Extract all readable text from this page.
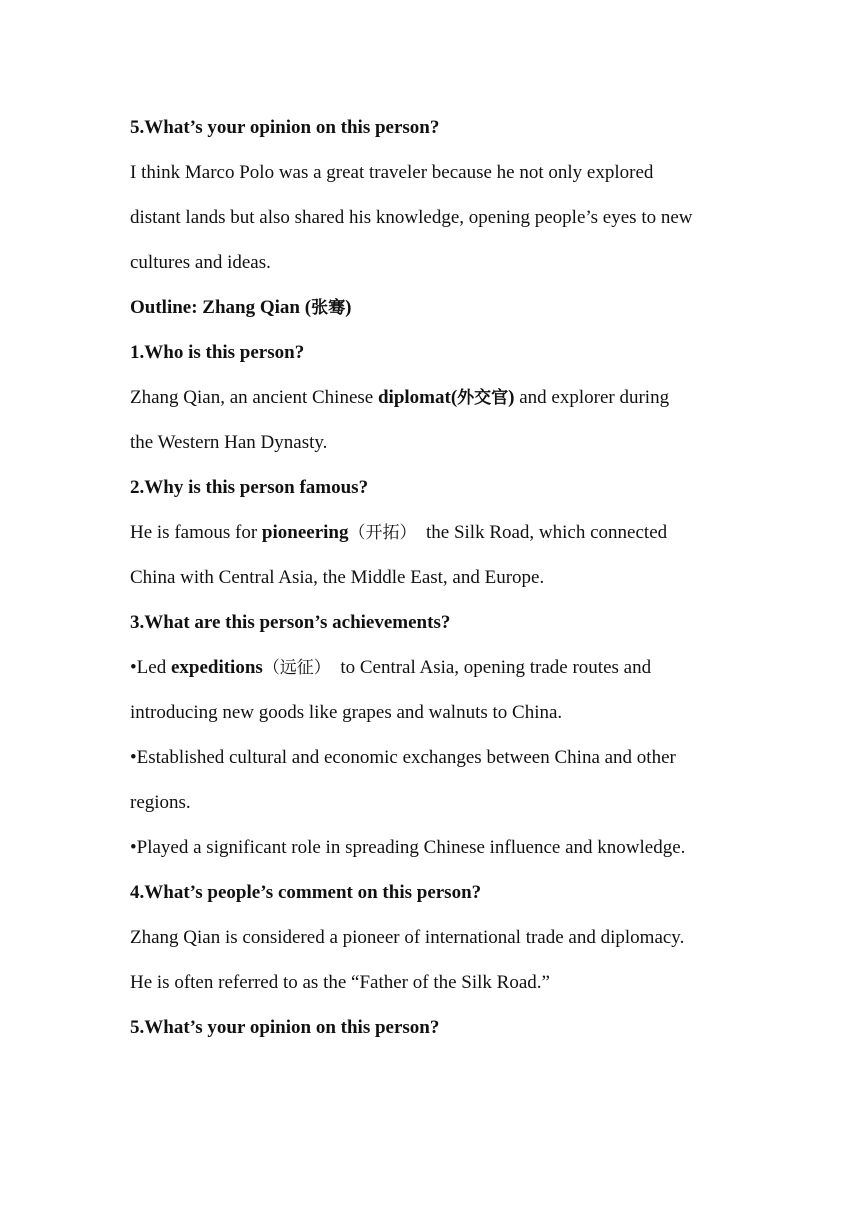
5.What’s your opinion on this person?

I think Marco Polo was a great traveler because he not only explored

distant lands but also shared his knowledge, opening people’s eyes to new

cultures and ideas.

Outline: Zhang Qian (张骞)

1.Who is this person?

Zhang Qian, an ancient Chinese diplomat(外交官) and explorer during

the Western Han Dynasty.

2.Why is this person famous?

He is famous for pioneering（开拓）  the Silk Road, which connected

China with Central Asia, the Middle East, and Europe.

3.What are this person’s achievements?

•Led expeditions（远征）  to Central Asia, opening trade routes and

introducing new goods like grapes and walnuts to China.

•Established cultural and economic exchanges between China and other

regions.

•Played a significant role in spreading Chinese influence and knowledge.

4.What’s people’s comment on this person?

Zhang Qian is considered a pioneer of international trade and diplomacy.

He is often referred to as the “Father of the Silk Road.”

5.What’s your opinion on this person?
